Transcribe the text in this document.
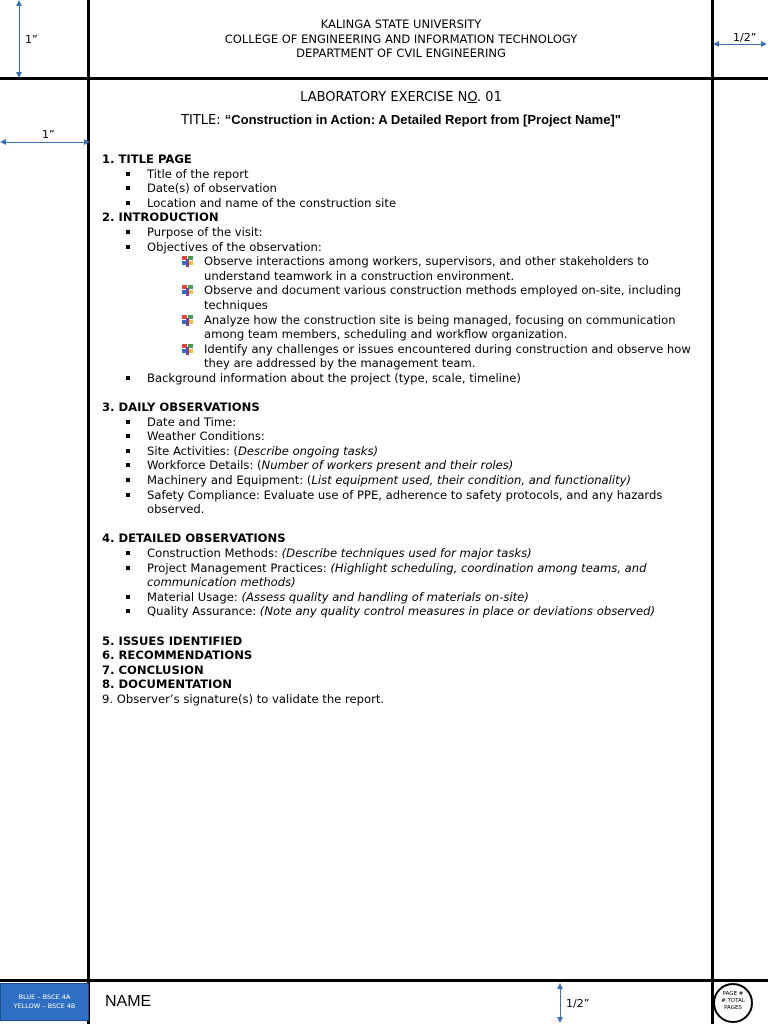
1”	1/2”
1”
1/2”
KALINGA STATE UNIVERSITY
COLLEGE OF ENGINEERING AND INFORMATION TECHNOLOGY
DEPARTMENT OF CVIL ENGINEERING
LABORATORY EXERCISE NO. 01
TITLE: “Construction in Action: A Detailed Report from [Project Name]"
1. TITLE PAGE
Title of the report
Date(s) of observation
Location and name of the construction site
2. INTRODUCTION
Purpose of the visit:
Objectives of the observation:
Observe interactions among workers, supervisors, and other stakeholders to understand teamwork in a construction environment.
Observe and document various construction methods employed on-site, including techniques
Analyze how the construction site is being managed, focusing on communication among team members, scheduling and workflow organization.
Identify any challenges or issues encountered during construction and observe how they are addressed by the management team.
Background information about the project (type, scale, timeline)
3. DAILY OBSERVATIONS
Date and Time:
Weather Conditions:
Site Activities: (Describe ongoing tasks)
Workforce Details: (Number of workers present and their roles)
Machinery and Equipment: (List equipment used, their condition, and functionality)
Safety Compliance: Evaluate use of PPE, adherence to safety protocols, and any hazards observed.
4. DETAILED OBSERVATIONS
Construction Methods: (Describe techniques used for major tasks)
Project Management Practices: (Highlight scheduling, coordination among teams, and communication methods)
Material Usage: (Assess quality and handling of materials on-site)
Quality Assurance: (Note any quality control measures in place or deviations observed)
5. ISSUES IDENTIFIED
6. RECOMMENDATIONS
7. CONCLUSION
8. DOCUMENTATION
9. Observer’s signature(s) to validate the report.
BLUE – BSCE 4A
YELLOW – BSCE 4B	NAME	PAGE #
# TOTAL
PAGES
